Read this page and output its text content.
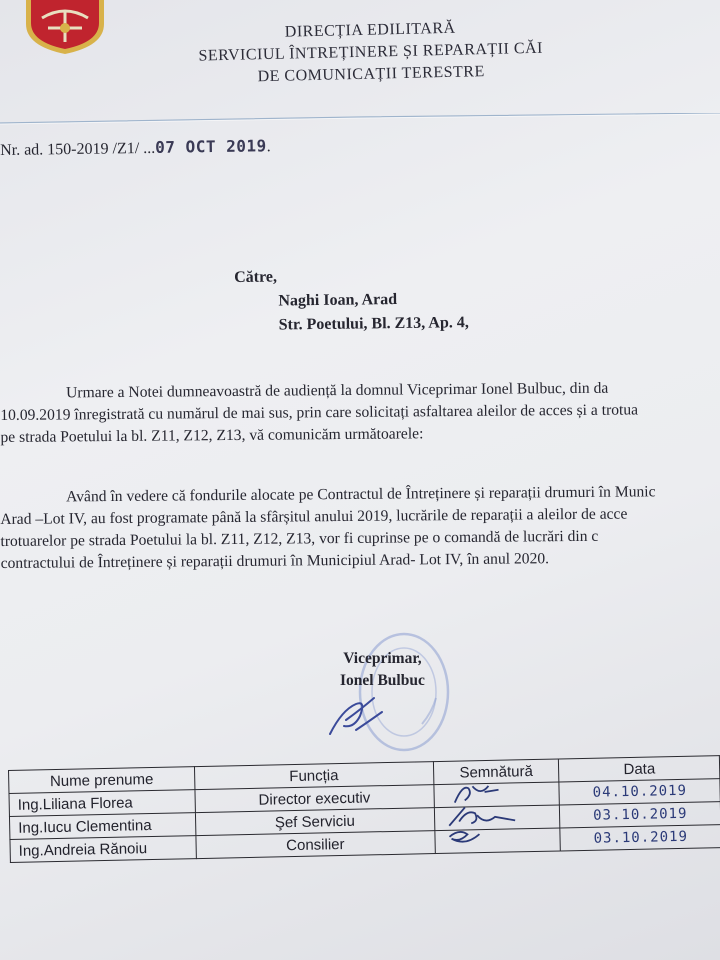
DIRECȚIA EDILITARĂ
SERVICIUL ÎNTREȚINERE ȘI REPARAȚII CĂI
DE COMUNICAȚII TERESTRE
Nr. ad. 150-2019 /Z1/ ...07 OCT 2019.
Către,
Naghi Ioan, Arad
Str. Poetului, Bl. Z13, Ap. 4,
Urmare a Notei dumneavoastră de audiență la domnul Viceprimar Ionel Bulbuc, din da
10.09.2019 înregistrată cu numărul de mai sus, prin care solicitați asfaltarea aleilor de acces și a trotua
pe strada Poetului la bl. Z11, Z12, Z13, vă comunicăm următoarele:
Având în vedere că fondurile alocate pe Contractul de Întreținere și reparații drumuri în Munic
Arad –Lot IV, au fost programate până la sfârșitul anului 2019, lucrările de reparații a aleilor de acce
trotuarelor pe strada Poetului la bl. Z11, Z12, Z13, vor fi cuprinse pe o comandă de lucrări din c
contractului de Întreținere și reparații drumuri în Municipiul Arad- Lot IV, în anul 2020.
Viceprimar,
Ionel Bulbuc
Nume prenume	Funcția	Semnătură	Data
Ing.Liliana Florea	Director executiv		04.10.2019
Ing.Iucu Clementina	Şef Serviciu		03.10.2019
Ing.Andreia Rănoiu	Consilier		03.10.2019
